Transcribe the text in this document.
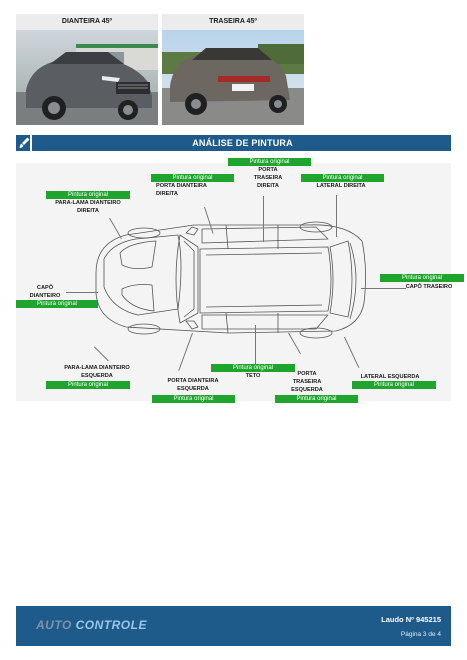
DIANTEIRA 45º	TRASEIRA 45º
ANÁLISE DE PINTURA
Pintura original
PORTA
TRASEIRA
DIREITA
Pintura original
PORTA DIANTEIRA
DIREITA
Pintura original
LATERAL DIREITA
Pintura original
PARA-LAMA DIANTEIRO
DIREITA
CAPÔ
DIANTEIRO
Pintura original
Pintura original
CAPÔ TRASEIRO
PARA-LAMA DIANTEIRO
ESQUERDA
Pintura original
Pintura original
TETO
PORTA DIANTEIRA
ESQUERDA
Pintura original
PORTA
TRASEIRA
ESQUERDA
Pintura original
LATERAL ESQUERDA
Pintura original
AUTO CONTROLE	Laudo Nº 945215
Página 3 de 4
